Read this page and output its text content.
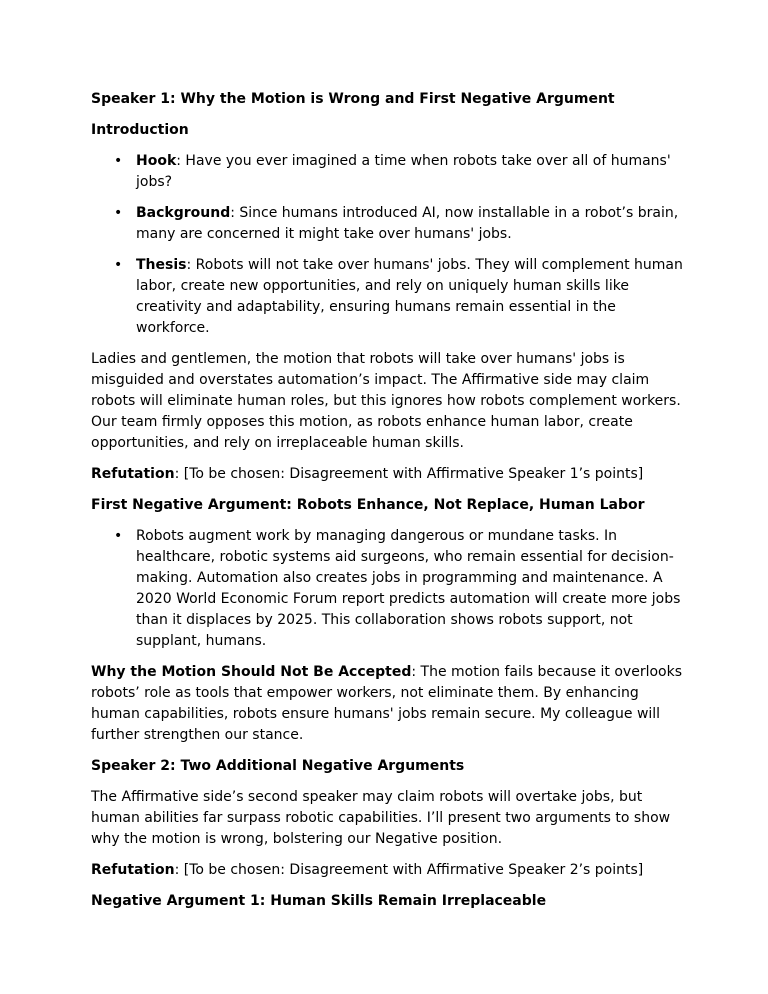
Speaker 1: Why the Motion is Wrong and First Negative Argument

Introduction

• Hook: Have you ever imagined a time when robots take over all of humans' jobs?
• Background: Since humans introduced AI, now installable in a robot’s brain, many are concerned it might take over humans' jobs.
• Thesis: Robots will not take over humans' jobs. They will complement human labor, create new opportunities, and rely on uniquely human skills like creativity and adaptability, ensuring humans remain essential in the workforce.

Ladies and gentlemen, the motion that robots will take over humans' jobs is misguided and overstates automation’s impact. The Affirmative side may claim robots will eliminate human roles, but this ignores how robots complement workers. Our team firmly opposes this motion, as robots enhance human labor, create opportunities, and rely on irreplaceable human skills.

Refutation: [To be chosen: Disagreement with Affirmative Speaker 1’s points]

First Negative Argument: Robots Enhance, Not Replace, Human Labor

• Robots augment work by managing dangerous or mundane tasks. In healthcare, robotic systems aid surgeons, who remain essential for decision-making. Automation also creates jobs in programming and maintenance. A 2020 World Economic Forum report predicts automation will create more jobs than it displaces by 2025. This collaboration shows robots support, not supplant, humans.

Why the Motion Should Not Be Accepted: The motion fails because it overlooks robots’ role as tools that empower workers, not eliminate them. By enhancing human capabilities, robots ensure humans' jobs remain secure. My colleague will further strengthen our stance.

Speaker 2: Two Additional Negative Arguments

The Affirmative side’s second speaker may claim robots will overtake jobs, but human abilities far surpass robotic capabilities. I’ll present two arguments to show why the motion is wrong, bolstering our Negative position.

Refutation: [To be chosen: Disagreement with Affirmative Speaker 2’s points]

Negative Argument 1: Human Skills Remain Irreplaceable
